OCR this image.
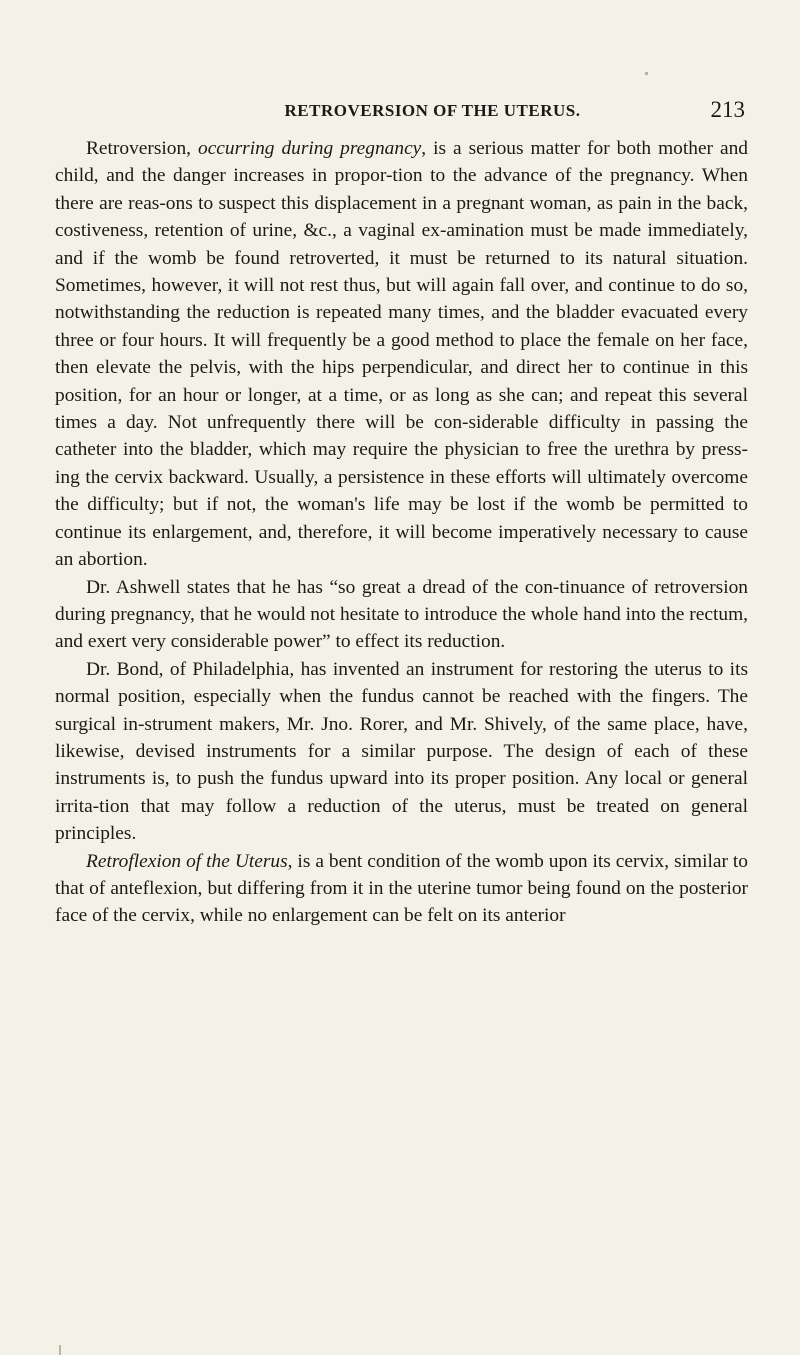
RETROVERSION OF THE UTERUS.	213

Retroversion, occurring during pregnancy, is a serious matter for both mother and child, and the danger increases in propor-tion to the advance of the pregnancy. When there are reas-ons to suspect this displacement in a pregnant woman, as pain in the back, costiveness, retention of urine, &c., a vaginal ex-amination must be made immediately, and if the womb be found retroverted, it must be returned to its natural situation. Sometimes, however, it will not rest thus, but will again fall over, and continue to do so, notwithstanding the reduction is repeated many times, and the bladder evacuated every three or four hours. It will frequently be a good method to place the female on her face, then elevate the pelvis, with the hips perpendicular, and direct her to continue in this position, for an hour or longer, at a time, or as long as she can; and repeat this several times a day. Not unfrequently there will be con-siderable difficulty in passing the catheter into the bladder, which may require the physician to free the urethra by press-ing the cervix backward. Usually, a persistence in these efforts will ultimately overcome the difficulty; but if not, the woman's life may be lost if the womb be permitted to continue its enlargement, and, therefore, it will become imperatively necessary to cause an abortion.

Dr. Ashwell states that he has “so great a dread of the con-tinuance of retroversion during pregnancy, that he would not hesitate to introduce the whole hand into the rectum, and exert very considerable power” to effect its reduction.

Dr. Bond, of Philadelphia, has invented an instrument for restoring the uterus to its normal position, especially when the fundus cannot be reached with the fingers. The surgical in-strument makers, Mr. Jno. Rorer, and Mr. Shively, of the same place, have, likewise, devised instruments for a similar purpose. The design of each of these instruments is, to push the fundus upward into its proper position. Any local or general irrita-tion that may follow a reduction of the uterus, must be treated on general principles.

Retroflexion of the Uterus, is a bent condition of the womb upon its cervix, similar to that of anteflexion, but differing from it in the uterine tumor being found on the posterior face of the cervix, while no enlargement can be felt on its anterior
